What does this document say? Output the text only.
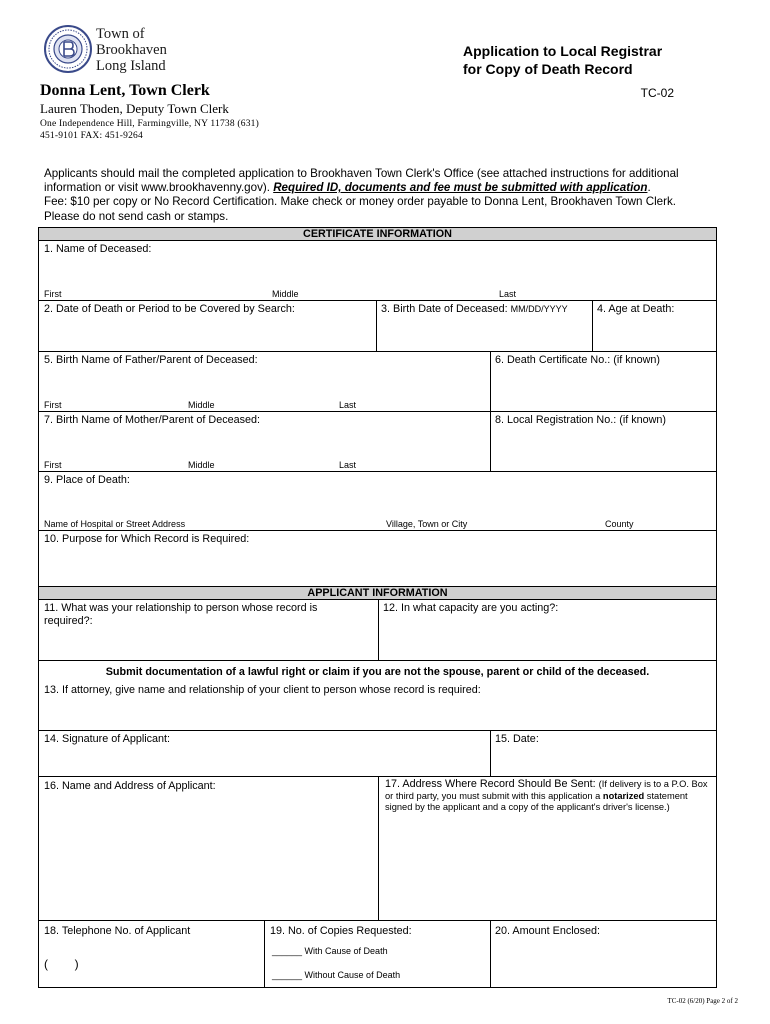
Town of
Brookhaven
Long Island
Application to Local Registrar
for Copy of Death Record
Donna Lent, Town Clerk	TC-02
Lauren Thoden, Deputy Town Clerk
One Independence Hill, Farmingville, NY 11738 (631)
451-9101 FAX: 451-9264
Applicants should mail the completed application to Brookhaven Town Clerk's Office (see attached instructions for additional information or visit www.brookhavenny.gov). Required ID, documents and fee must be submitted with application.
Fee: $10 per copy or No Record Certification. Make check or money order payable to Donna Lent, Brookhaven Town Clerk.
Please do not send cash or stamps.
CERTIFICATE INFORMATION
1. Name of Deceased:
First	Middle	Last
2. Date of Death or Period to be Covered by Search:	3. Birth Date of Deceased: MM/DD/YYYY	4. Age at Death:
5. Birth Name of Father/Parent of Deceased:	6. Death Certificate No.: (if known)
First	Middle	Last
7. Birth Name of Mother/Parent of Deceased:	8. Local Registration No.: (if known)
First	Middle	Last
9. Place of Death:
Name of Hospital or Street Address	Village, Town or City	County
10. Purpose for Which Record is Required:
APPLICANT INFORMATION
11. What was your relationship to person whose record is
required?:
12. In what capacity are you acting?:
Submit documentation of a lawful right or claim if you are not the spouse, parent or child of the deceased.
13. If attorney, give name and relationship of your client to person whose record is required:
14. Signature of Applicant:	15. Date:
16. Name and Address of Applicant:	17. Address Where Record Should Be Sent: (If delivery is to a P.O. Box or third party, you must submit with this application a notarized statement signed by the applicant and a copy of the applicant's driver's license.)
18. Telephone No. of Applicant
(        )
19. No. of Copies Requested:
______ With Cause of Death
______ Without Cause of Death
20. Amount Enclosed:
TC-02 (6/20) Page 2 of 2
